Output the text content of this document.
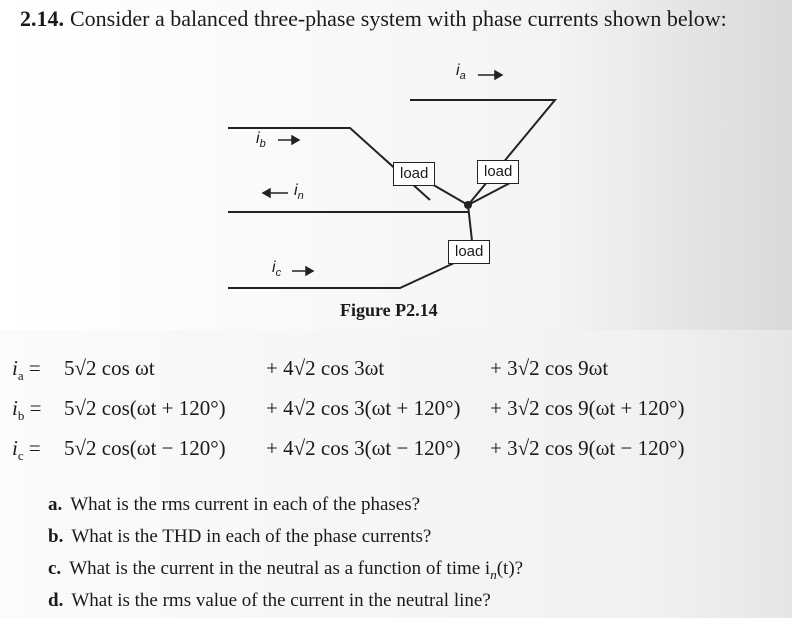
2.14. Consider a balanced three-phase system with phase currents shown below:
load	load
load
$i_a$
$i_b$
$i_n$
$i_c$
Figure P2.14
$i_a = 5√2$ cos ωt	+ 4√2 cos 3ωt	+ 3√2 cos 9ωt
$i_b = 5√2$ cos(ωt + 120°) + 4√2 cos 3(ωt + 120°) + 3√2 cos 9(ωt + 120°)
$i_c = 5√2$ cos(ωt − 120°) + 4√2 cos 3(ωt − 120°) + 3√2 cos 9(ωt − 120°)
a. What is the rms current in each of the phases?
b. What is the THD in each of the phase currents?
c. What is the current in the neutral as a function of time $i_n(t)$?
d. What is the rms value of the current in the neutral line?
